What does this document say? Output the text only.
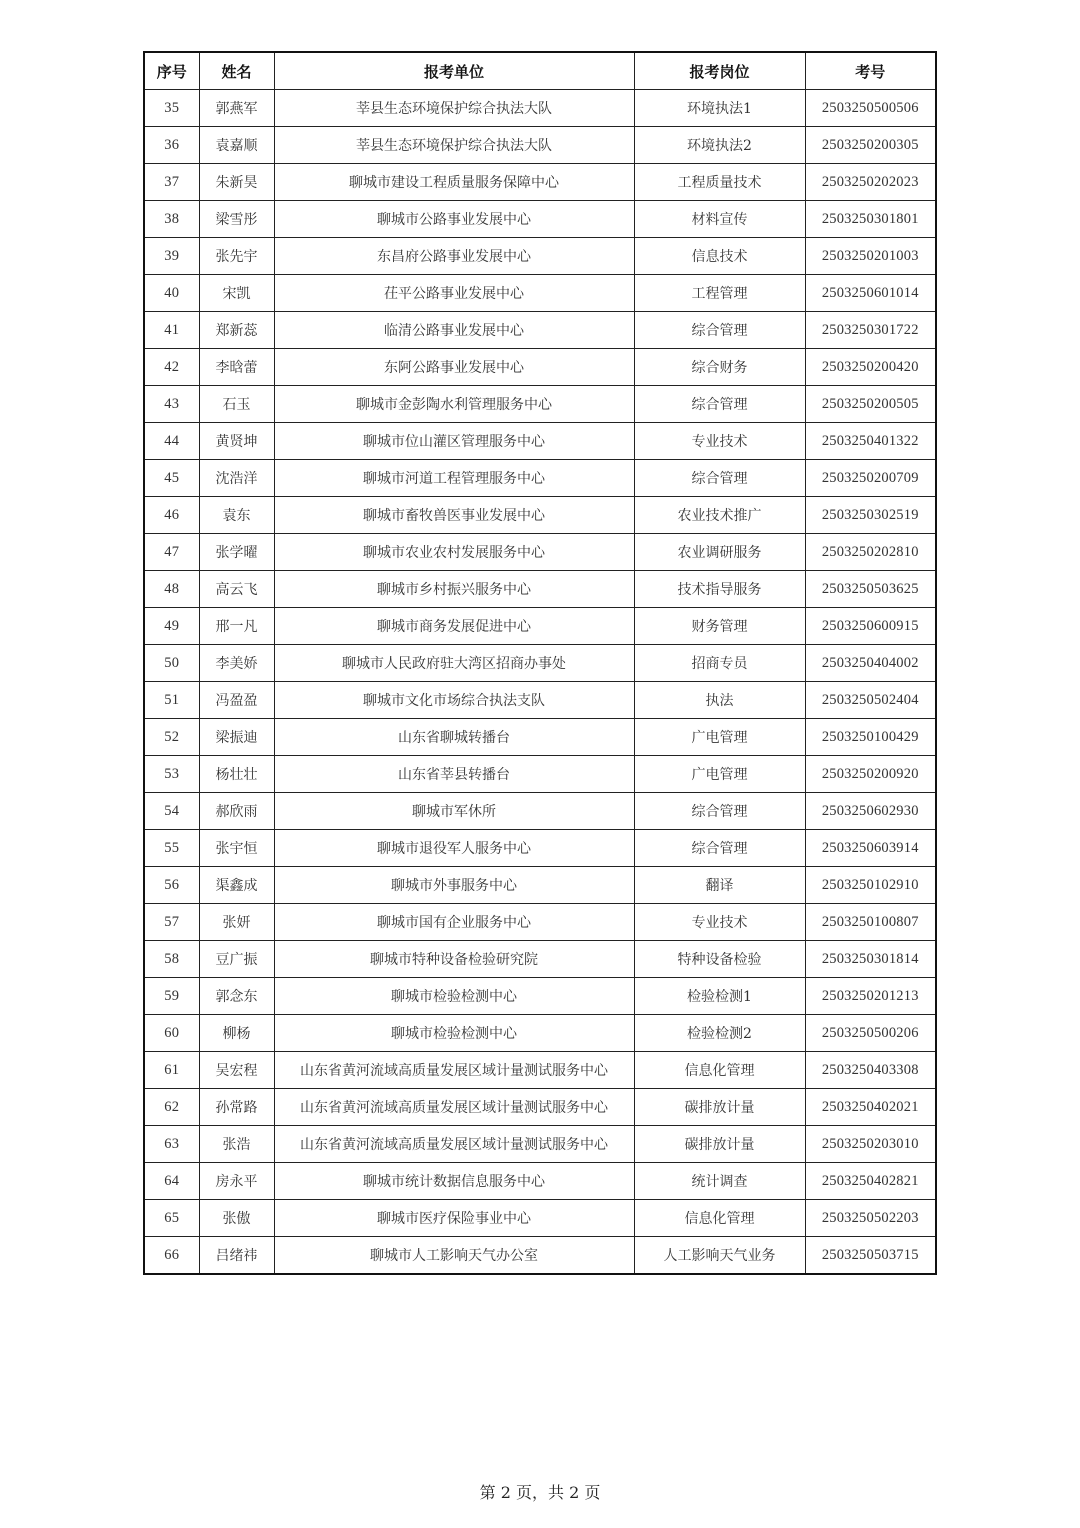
序号	姓名	报考单位	报考岗位	考号
35	郭燕军	莘县生态环境保护综合执法大队	环境执法1	2503250500506
36	袁嘉顺	莘县生态环境保护综合执法大队	环境执法2	2503250200305
37	朱新昊	聊城市建设工程质量服务保障中心	工程质量技术	2503250202023
38	梁雪彤	聊城市公路事业发展中心	材料宣传	2503250301801
39	张先宇	东昌府公路事业发展中心	信息技术	2503250201003
40	宋凯	茌平公路事业发展中心	工程管理	2503250601014
41	郑新蕊	临清公路事业发展中心	综合管理	2503250301722
42	李晗蕾	东阿公路事业发展中心	综合财务	2503250200420
43	石玉	聊城市金彭陶水利管理服务中心	综合管理	2503250200505
44	黄贤坤	聊城市位山灌区管理服务中心	专业技术	2503250401322
45	沈浩洋	聊城市河道工程管理服务中心	综合管理	2503250200709
46	袁东	聊城市畜牧兽医事业发展中心	农业技术推广	2503250302519
47	张学曜	聊城市农业农村发展服务中心	农业调研服务	2503250202810
48	高云飞	聊城市乡村振兴服务中心	技术指导服务	2503250503625
49	邢一凡	聊城市商务发展促进中心	财务管理	2503250600915
50	李美娇	聊城市人民政府驻大湾区招商办事处	招商专员	2503250404002
51	冯盈盈	聊城市文化市场综合执法支队	执法	2503250502404
52	梁振迪	山东省聊城转播台	广电管理	2503250100429
53	杨壮壮	山东省莘县转播台	广电管理	2503250200920
54	郝欣雨	聊城市军休所	综合管理	2503250602930
55	张宇恒	聊城市退役军人服务中心	综合管理	2503250603914
56	渠鑫成	聊城市外事服务中心	翻译	2503250102910
57	张妍	聊城市国有企业服务中心	专业技术	2503250100807
58	豆广振	聊城市特种设备检验研究院	特种设备检验	2503250301814
59	郭念东	聊城市检验检测中心	检验检测1	2503250201213
60	柳杨	聊城市检验检测中心	检验检测2	2503250500206
61	吴宏程	山东省黄河流域高质量发展区域计量测试服务中心	信息化管理	2503250403308
62	孙常路	山东省黄河流域高质量发展区域计量测试服务中心	碳排放计量	2503250402021
63	张浩	山东省黄河流域高质量发展区域计量测试服务中心	碳排放计量	2503250203010
64	房永平	聊城市统计数据信息服务中心	统计调查	2503250402821
65	张傲	聊城市医疗保险事业中心	信息化管理	2503250502203
66	吕绪祎	聊城市人工影响天气办公室	人工影响天气业务	2503250503715
第 2 页，共 2 页
